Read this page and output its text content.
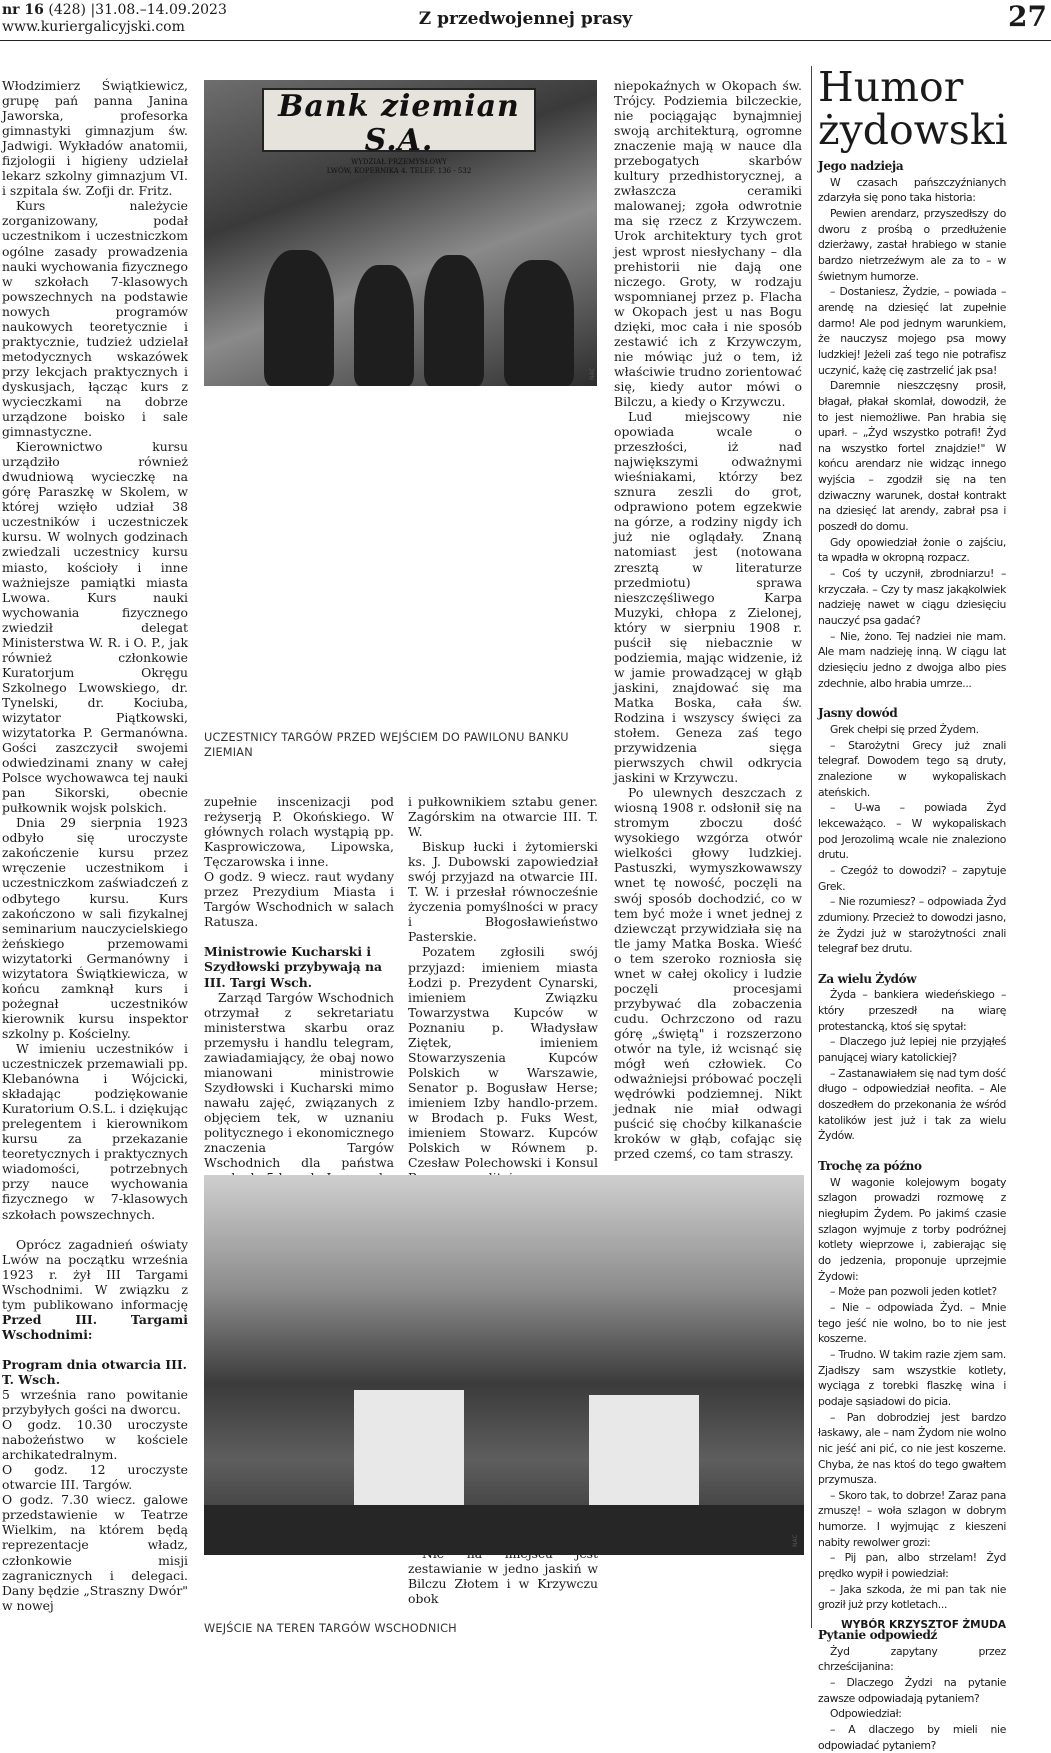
nr 16 (428) |31.08.–14.09.2023
www.kuriergalicyjski.com	Z przedwojennej prasy	27

Włodzimierz Świątkiewicz, grupę pań panna Janina Jaworska, profesorka gimnastyki gimnazjum św. Jadwigi. Wykładów anatomii, fizjologii i higieny udzielał lekarz szkolny gimnazjum VI. i szpitala św. Zofji dr. Fritz.

Kurs należycie zorganizowany, podał uczestnikom i uczestniczkom ogólne zasady prowadzenia nauki wychowania fizycznego w szkołach 7-klasowych powszechnych na podstawie nowych programów naukowych teoretycznie i praktycznie, tudzież udzielał metodycznych wskazówek przy lekcjach praktycznych i dyskusjach, łącząc kurs z wycieczkami na dobrze urządzone boisko i sale gimnastyczne.

Kierownictwo kursu urządziło również dwudniową wycieczkę na górę Paraszkę w Skolem, w której wzięło udział 38 uczestników i uczestniczek kursu. W wolnych godzinach zwiedzali uczestnicy kursu miasto, kościoły i inne ważniejsze pamiątki miasta Lwowa. Kurs nauki wychowania fizycznego zwiedził delegat Ministerstwa W. R. i O. P., jak również członkowie Kuratorjum Okręgu Szkolnego Lwowskiego, dr. Tynelski, dr. Kociuba, wizytator Piątkowski, wizytatorka P. Germanówna. Gości zaszczycił swojemi odwiedzinami znany w całej Polsce wychowawca tej nauki pan Sikorski, obecnie pułkownik wojsk polskich.

Dnia 29 sierpnia 1923 odbyło się uroczyste zakończenie kursu przez wręczenie uczestnikom i uczestniczkom zaświadczeń z odbytego kursu. Kurs zakończono w sali fizykalnej seminarium nauczycielskiego żeńskiego przemowami wizytatorki Germanówny i wizytatora Świątkiewicza, w końcu zamknął kurs i pożegnał uczestników kierownik kursu inspektor szkolny p. Kościelny.

W imieniu uczestników i uczestniczek przemawiali pp. Klebanówna i Wójcicki, składając podziękowanie Kuratorium O.S.L. i dziękując prelegentem i kierownikom kursu za przekazanie teoretycznych i praktycznych wiadomości, potrzebnych przy nauce wychowania fizycznego w 7-klasowych szkołach powszechnych.

Oprócz zagadnień oświaty Lwów na początku września 1923 r. żył III Targami Wschodnimi. W związku z tym publikowano informację Przed III. Targami Wschodnimi:

Program dnia otwarcia III. T. Wsch.

5 września rano powitanie przybyłych gości na dworcu.

O godz. 10.30 uroczyste nabożeństwo w kościele archikatedralnym.

O godz. 12 uroczyste otwarcie III. Targów.

O godz. 7.30 wiecz. galowe przedstawienie w Teatrze Wielkim, na którem będą reprezentacje władz, członkowie misji zagranicznych i delegaci. Dany będzie „Straszny Dwór" w nowej

Bank ziemian S.A.
WYDZIAŁ PRZEMYSŁOWY
LWÓW, KOPERNIKA 4. TELEF. 136 - 532
NAC
UCZESTNICY TARGÓW PRZED WEJŚCIEM DO PAWILONU BANKU ZIEMIAN

zupełnie inscenizacji pod reżyserją P. Okońskiego. W głównych rolach wystąpią pp. Kasprowiczowa, Lipowska, Tęczarowska i inne.

O godz. 9 wiecz. raut wydany przez Prezydium Miasta i Targów Wschodnich w salach Ratusza.

Ministrowie Kucharski i Szydłowski przybywają na III. Targi Wsch.

Zarząd Targów Wschodnich otrzymał z sekretariatu ministerstwa skarbu oraz przemysłu i handlu telegram, zawiadamiający, że obaj nowo mianowani ministrowie Szydłowski i Kucharski mimo nawału zajęć, związanych z objęciem tek, w uznaniu politycznego i ekonomicznego znaczenia Targów Wschodnich dla państwa

i pułkownikiem sztabu gener. Zagórskim na otwarcie III. T. W.

Biskup łucki i żytomierski ks. J. Dubowski zapowiedział swój przyjazd na otwarcie III. T. W. i przesłał równocześnie życzenia pomyślności w pracy i Błogosławieństwo Pasterskie.

Pozatem zgłosili swój przyjazd: imieniem miasta Łodzi p. Prezydent Cynarski, imieniem Związku Towarzystwa Kupców w Poznaniu p. Władysław Ziętek, imieniem Stowarzyszenia Kupców Polskich w Warszawie, Senator p. Bogusław Herse; imieniem Izby handlo-przem. w Brodach p. Fuks West, imieniem Stowarz. Kupców Polskich w Równem p. Czesław Polechowski i Konsul

zestawianie w jedno jaskiń w Bilczu Złotem i w Krzywczu obok

niepokaźnych w Okopach św. Trójcy. Podziemia bilczeckie, nie pociągając bynajmniej swoją architekturą, ogromne znaczenie mają w nauce dla przebogatych skarbów kultury przedhistorycznej, a zwłaszcza ceramiki malowanej; zgoła odwrotnie ma się rzecz z Krzywczem. Urok architektury tych grot jest wprost niesłychany – dla prehistorii nie dają one niczego. Groty, w rodzaju wspomnianej przez p. Flacha w Okopach jest u nas Bogu dzięki, moc cała i nie sposób zestawić ich z Krzywczym, nie mówiąc już o tem, iż właściwie trudno zorientować się, kiedy autor mówi o Bilczu, a kiedy o Krzywczu.

Lud miejscowy nie opowiada wcale o przeszłości, iż nad największymi odważnymi wieśniakami, którzy bez sznura zeszli do grot, odprawiono potem egzekwie na górze, a rodziny nigdy ich już nie oglądały. Znaną natomiast jest (notowana zresztą w literaturze przedmiotu) sprawa nieszczęśliwego Karpa Muzyki, chłopa z Zielonej, który w sierpniu 1908 r. puścił się niebacznie w podziemia, mając widzenie, iż w jamie prowadzącej w głąb jaskini, znajdować się ma Matka Boska, cała św. Rodzina i wszyscy święci za stołem. Geneza zaś tego przywidzenia sięga pierwszych chwil odkrycia jaskini w Krzywczu.

Po ulewnych deszczach z wiosną 1908 r. odsłonił się na stromym zboczu dość wysokiego wzgórza otwór wielkości głowy ludzkiej. Pastuszki, wymyszkowawszy wnet tę nowość, poczęli na swój sposób dochodzić, co w tem być może i wnet jednej z dziewcząt przywidziała się na tle jamy Matka Boska. Wieść o tem szeroko rozniosła się wnet w całej okolicy i ludzie poczęli procesjami przybywać dla zobaczenia cudu. Ochrzczono od razu górę „świętą" i rozszerzono otwór na tyle, iż wcisnąć się mógł weń człowiek. Co odważniejsi próbować poczęli wędrówki podziemnej. Nikt jednak nie miał odwagi puścić się choćby kilkanaście kroków w głąb, cofając się przed czemś, co tam straszy.

NAC
WEJŚCIE NA TEREN TARGÓW WSCHODNICH
Humor
żydowski
Jego nadzieja

W czasach pańszczyźnianych zdarzyła się pono taka historia:

Pewien arendarz, przyszedłszy do dworu z prośbą o przedłużenie dzierżawy, zastał hrabiego w stanie bardzo nietrzeźwym ale za to – w świetnym humorze.

– Dostaniesz, Żydzie, – powiada – arendę na dziesięć lat zupełnie darmo! Ale pod jednym warunkiem, że nauczysz mojego psa mowy ludzkiej! Jeżeli zaś tego nie potrafisz uczynić, każę cię zastrzelić jak psa!

Daremnie nieszczęsny prosił, błagał, płakał skomlał, dowodził, że to jest niemożliwe. Pan hrabia się uparł. – „Żyd wszystko potrafi! Żyd na wszystko fortel znajdzie!" W końcu arendarz nie widząc innego wyjścia – zgodził się na ten dziwaczny warunek, dostał kontrakt na dziesięć lat arendy, zabrał psa i poszedł do domu.

Gdy opowiedział żonie o zajściu, ta wpadła w okropną rozpacz.

– Coś ty uczynił, zbrodniarzu! – krzyczała. – Czy ty masz jakąkolwiek nadzieję nawet w ciągu dziesięciu nauczyć psa gadać?

– Nie, żono. Tej nadziei nie mam. Ale mam nadzieję inną. W ciągu lat dziesięciu jedno z dwojga albo pies zdechnie, albo hrabia umrze...

Jasny dowód

Grek chełpi się przed Żydem.

– Starożytni Grecy już znali telegraf. Dowodem tego są druty, znalezione w wykopaliskach ateńskich.

– U-wa – powiada Żyd lekceważąco. – W wykopaliskach pod Jerozolimą wcale nie znaleziono drutu.

– Czegóż to dowodzi? – zapytuje Grek.

– Nie rozumiesz? – odpowiada Żyd zdumiony. Przecież to dowodzi jasno, że Żydzi już w starożytności znali telegraf bez drutu.

Za wielu Żydów

Żyda – bankiera wiedeńskiego – który przeszedł na wiarę protestancką, ktoś się spytał:

– Dlaczego już lepiej nie przyjąłeś panującej wiary katolickiej?

– Zastanawiałem się nad tym dość długo – odpowiedział neofita. – Ale doszedłem do przekonania że wśród katolików jest już i tak za wielu Żydów.

Trochę za późno

W wagonie kolejowym bogaty szlagon prowadzi rozmowę z niegłupim Żydem. Po jakimś czasie szlagon wyjmuje z torby podróżnej kotlety wieprzowe i, zabierając się do jedzenia, proponuje uprzejmie Żydowi:

– Może pan pozwoli jeden kotlet?

– Nie – odpowiada Żyd. – Mnie tego jeść nie wolno, bo to nie jest koszerne.

– Trudno. W takim razie zjem sam. Zjadłszy sam wszystkie kotlety, wyciąga z torebki flaszkę wina i podaje sąsiadowi do picia.

– Pan dobrodziej jest bardzo łaskawy, ale – nam Żydom nie wolno nic jeść ani pić, co nie jest koszerne. Chyba, że nas ktoś do tego gwałtem przymusza.

– Skoro tak, to dobrze! Zaraz pana zmuszę! – woła szlagon w dobrym humorze. I wyjmując z kieszeni nabity rewolwer grozi:

– Pij pan, albo strzelam! Żyd prędko wypił i powiedział:

– Jaka szkoda, że mi pan tak nie groził już przy kotletach...

Pytanie odpowiedź

Żyd zapytany przez chrześcijanina:

– Dlaczego Żydzi na pytanie zawsze odpowiadają pytaniem?

Odpowiedział:

– A dlaczego by mieli nie odpowiadać pytaniem?

WYBÓR KRZYSZTOF ŻMUDA
